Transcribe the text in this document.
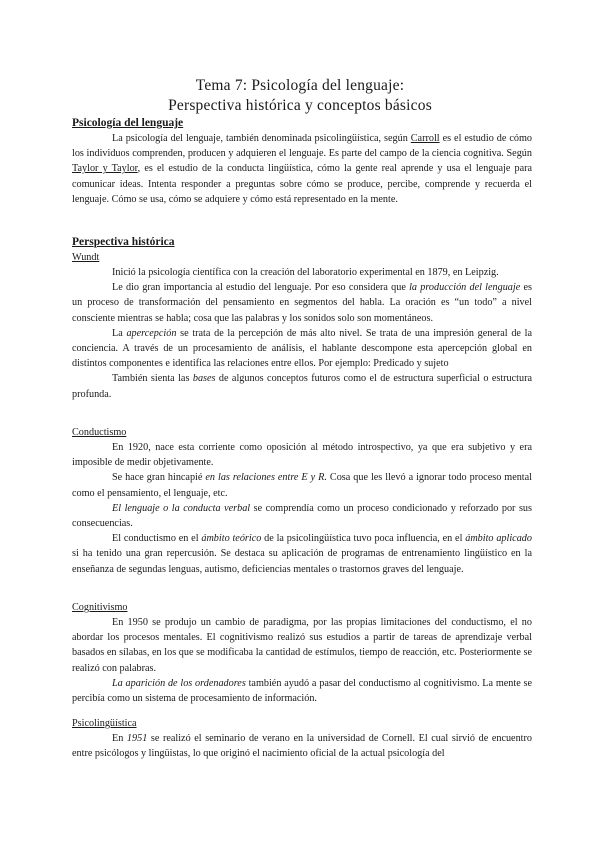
Tema 7: Psicología del lenguaje:
Perspectiva histórica y conceptos básicos
Psicología del lenguaje

La psicología del lenguaje, también denominada psicolingüística, según Carroll es el estudio de cómo los individuos comprenden, producen y adquieren el lenguaje. Es parte del campo de la ciencia cognitiva. Según Taylor y Taylor, es el estudio de la conducta lingüística, cómo la gente real aprende y usa el lenguaje para comunicar ideas. Intenta responder a preguntas sobre cómo se produce, percibe, comprende y recuerda el lenguaje. Cómo se usa, cómo se adquiere y cómo está representado en la mente.

Perspectiva histórica
Wundt

Inició la psicología científica con la creación del laboratorio experimental en 1879, en Leipzig.

Le dio gran importancia al estudio del lenguaje. Por eso considera que la producción del lenguaje es un proceso de transformación del pensamiento en segmentos del habla. La oración es “un todo” a nivel consciente mientras se habla; cosa que las palabras y los sonidos solo son momentáneos.

La apercepción se trata de la percepción de más alto nivel. Se trata de una impresión general de la conciencia. A través de un procesamiento de análisis, el hablante descompone esta apercepción global en distintos componentes e identifica las relaciones entre ellos. Por ejemplo: Predicado y sujeto

También sienta las bases de algunos conceptos futuros como el de estructura superficial o estructura profunda.

Conductismo

En 1920, nace esta corriente como oposición al método introspectivo, ya que era subjetivo y era imposible de medir objetivamente.

Se hace gran hincapié en las relaciones entre E y R. Cosa que les llevó a ignorar todo proceso mental como el pensamiento, el lenguaje, etc.

El lenguaje o la conducta verbal se comprendía como un proceso condicionado y reforzado por sus consecuencias.

El conductismo en el ámbito teórico de la psicolingüística tuvo poca influencia, en el ámbito aplicado si ha tenido una gran repercusión. Se destaca su aplicación de programas de entrenamiento lingüístico en la enseñanza de segundas lenguas, autismo, deficiencias mentales o trastornos graves del lenguaje.

Cognitivismo

En 1950 se produjo un cambio de paradigma, por las propias limitaciones del conductismo, el no abordar los procesos mentales. El cognitivismo realizó sus estudios a partir de tareas de aprendizaje verbal basados en sílabas, en los que se modificaba la cantidad de estímulos, tiempo de reacción, etc. Posteriormente se realizó con palabras.

La aparición de los ordenadores también ayudó a pasar del conductismo al cognitivismo. La mente se percibía como un sistema de procesamiento de información.

Psicolingüística

En 1951 se realizó el seminario de verano en la universidad de Cornell. El cual sirvió de encuentro entre psicólogos y lingüistas, lo que originó el nacimiento oficial de la actual psicología del
